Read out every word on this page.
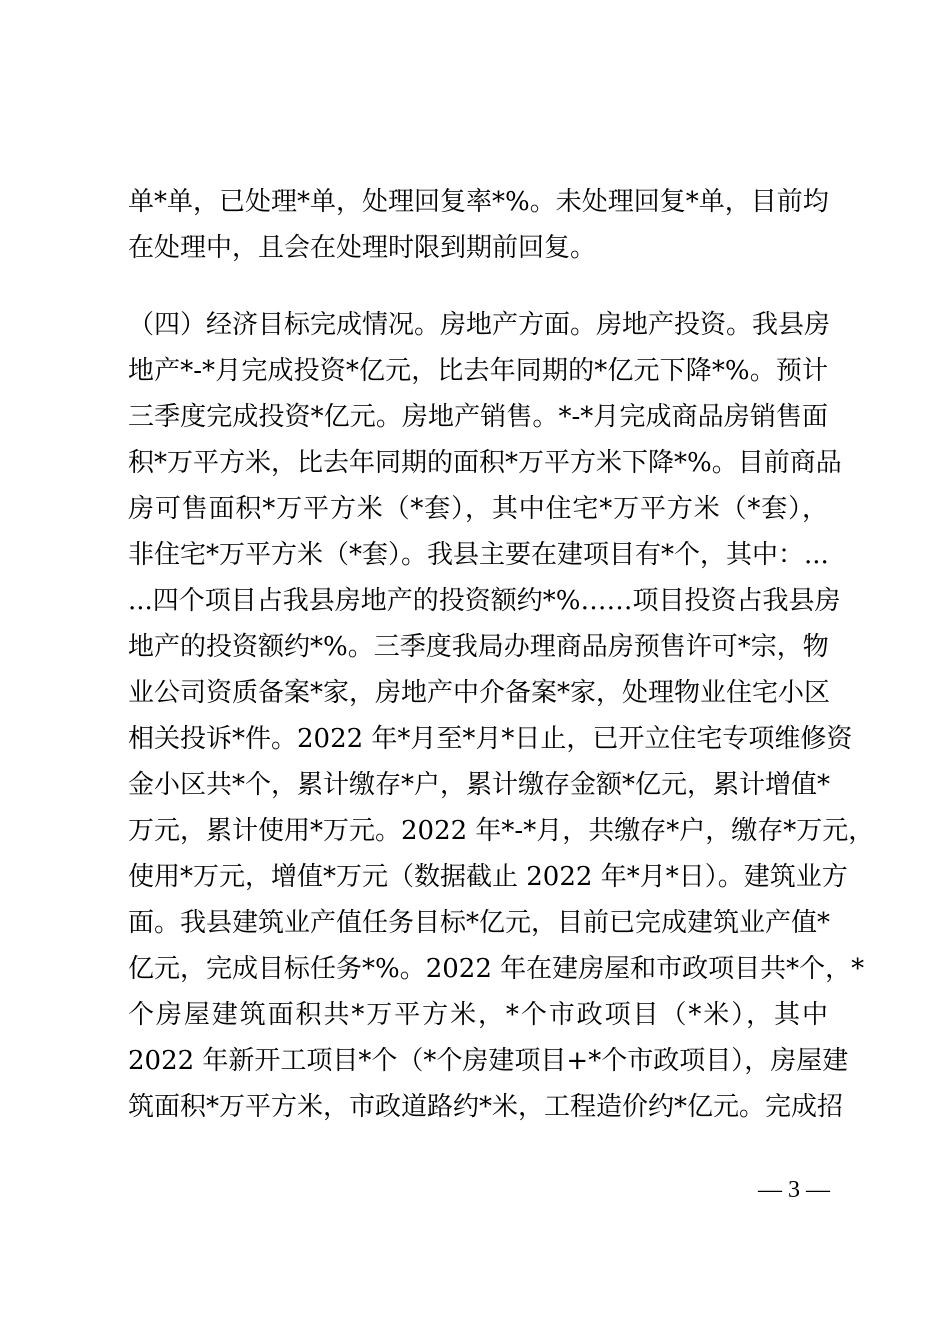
单*单，已处理*单，处理回复率*%。未处理回复*单，目前均
在处理中，且会在处理时限到期前回复。
（四）经济目标完成情况。房地产方面。房地产投资。我县房
地产*-*月完成投资*亿元，比去年同期的*亿元下降*%。预计
三季度完成投资*亿元。房地产销售。*-*月完成商品房销售面
积*万平方米，比去年同期的面积*万平方米下降*%。目前商品
房可售面积*万平方米（*套），其中住宅*万平方米（*套），
非住宅*万平方米（*套）。我县主要在建项目有*个，其中：...
...四个项目占我县房地产的投资额约*%……项目投资占我县房
地产的投资额约*%。三季度我局办理商品房预售许可*宗，物
业公司资质备案*家，房地产中介备案*家，处理物业住宅小区
相关投诉*件。2022 年*月至*月*日止，已开立住宅专项维修资
金小区共*个，累计缴存*户，累计缴存金额*亿元，累计增值*
万元，累计使用*万元。2022 年*-*月，共缴存*户，缴存*万元，
使用*万元，增值*万元（数据截止 2022 年*月*日）。建筑业方
面。我县建筑业产值任务目标*亿元，目前已完成建筑业产值*
亿元，完成目标任务*%。2022 年在建房屋和市政项目共*个，*
个房屋建筑面积共*万平方米，*个市政项目（*米），其中
2022 年新开工项目*个（*个房建项目+*个市政项目），房屋建
筑面积*万平方米，市政道路约*米，工程造价约*亿元。完成招
— 3 —
